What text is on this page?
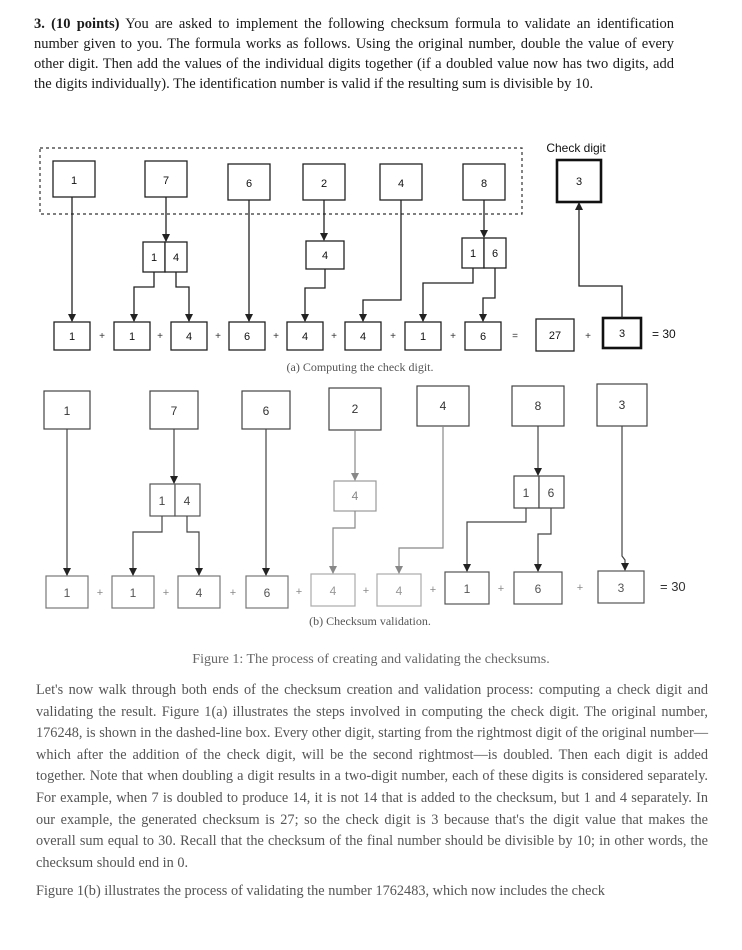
3. (10 points) You are asked to implement the following checksum formula to validate an identification number given to you. The formula works as follows. Using the original number, double the value of every other digit. Then add the values of the individual digits together (if a doubled value now has two digits, add the digits individually). The identification number is valid if the resulting sum is divisible by 10.
Check digit
1	7	6	2	4	8	3
1 4	4	1 6
1	1	4	6	4	4	1	6	27	3
+	+	+	+	+	+	+	=	+	= 30
1	7	6	2	4	8	3
1 4	4	1 6
1	1	4	6	4	4	1	6	3
+	+	+	+	+	+	+	+	= 30
(a) Computing the check digit.
(b) Checksum validation.
Figure 1: The process of creating and validating the checksums.

Let's now walk through both ends of the checksum creation and validation process: computing a check digit and validating the result. Figure 1(a) illustrates the steps involved in computing the check digit. The original number, 176248, is shown in the dashed-line box. Every other digit, starting from the rightmost digit of the original number—which after the addition of the check digit, will be the second rightmost—is doubled. Then each digit is added together. Note that when doubling a digit results in a two-digit number, each of these digits is considered separately. For example, when 7 is doubled to produce 14, it is not 14 that is added to the checksum, but 1 and 4 separately. In our example, the generated checksum is 27; so the check digit is 3 because that's the digit value that makes the overall sum equal to 30. Recall that the checksum of the final number should be divisible by 10; in other words, the checksum should end in 0.

Figure 1(b) illustrates the process of validating the number 1762483, which now includes the check
